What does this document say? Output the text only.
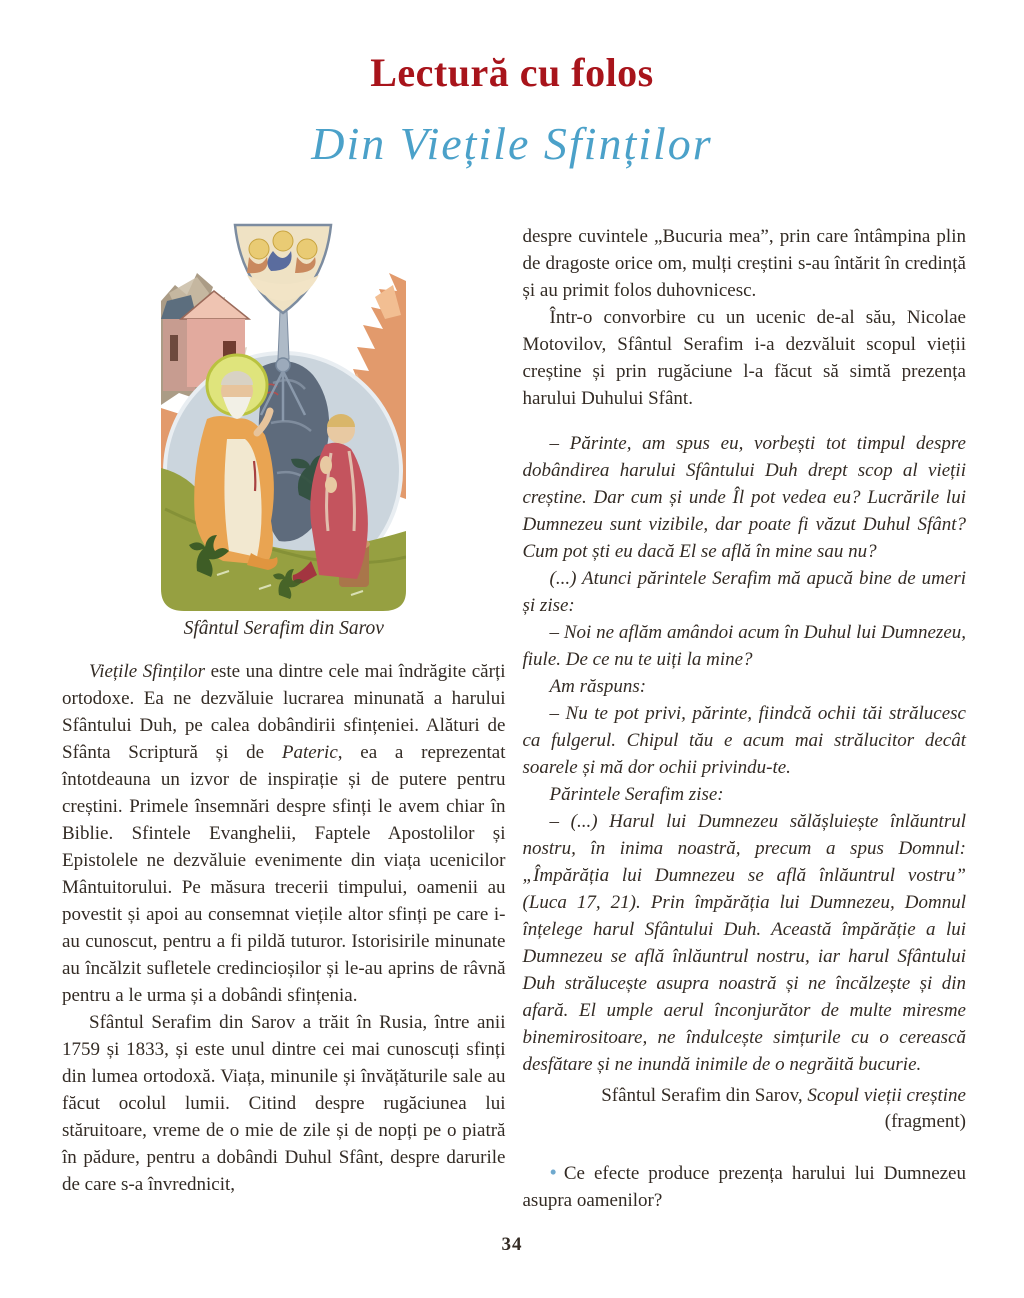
Lectură cu folos
Din Viețile Sfinților
Sfântul Serafim din Sarov

Viețile Sfinților este una dintre cele mai îndrăgite cărți ortodoxe. Ea ne dezvăluie lucrarea minunată a harului Sfântului Duh, pe calea dobândirii sfințeniei. Alături de Sfânta Scriptură și de Pateric, ea a reprezentat întotdeauna un izvor de inspirație și de putere pentru creștini. Primele însemnări despre sfinți le avem chiar în Biblie. Sfintele Evanghelii, Faptele Apostolilor și Epistolele ne dezvăluie evenimente din viața ucenicilor Mântuitorului. Pe măsura trecerii timpului, oamenii au povestit și apoi au consemnat viețile altor sfinți pe care i-au cunoscut, pentru a fi pildă tuturor. Istorisirile minunate au încălzit sufletele credincioșilor și le-au aprins de râvnă pentru a le urma și a dobândi sfințenia.

Sfântul Serafim din Sarov a trăit în Rusia, între anii 1759 și 1833, și este unul dintre cei mai cunoscuți sfinți din lumea ortodoxă. Viața, minunile și învățăturile sale au făcut ocolul lumii. Citind despre rugăciunea lui stăruitoare, vreme de o mie de zile și de nopți pe o piatră în pădure, pentru a dobândi Duhul Sfânt, despre darurile de care s-a învrednicit,

despre cuvintele „Bucuria mea”, prin care întâmpina plin de dragoste orice om, mulți creștini s-au întărit în credință și au primit folos duhovnicesc.

Într-o convorbire cu un ucenic de-al său, Nicolae Motovilov, Sfântul Serafim i-a dezvăluit scopul vieții creștine și prin rugăciune l-a făcut să simtă prezența harului Duhului Sfânt.

– Părinte, am spus eu, vorbești tot timpul despre dobândirea harului Sfântului Duh drept scop al vieții creștine. Dar cum și unde Îl pot vedea eu? Lucrările lui Dumnezeu sunt vizibile, dar poate fi văzut Duhul Sfânt? Cum pot ști eu dacă El se află în mine sau nu?

(...) Atunci părintele Serafim mă apucă bine de umeri și zise:

– Noi ne aflăm amândoi acum în Duhul lui Dumnezeu, fiule. De ce nu te uiți la mine?

Am răspuns:

– Nu te pot privi, părinte, fiindcă ochii tăi strălucesc ca fulgerul. Chipul tău e acum mai strălucitor decât soarele și mă dor ochii privindu-te.

Părintele Serafim zise:

– (...) Harul lui Dumnezeu sălășluiește înlăuntrul nostru, în inima noastră, precum a spus Domnul: „Împărăția lui Dumnezeu se află înlăuntrul vostru” (Luca 17, 21). Prin împărăția lui Dumnezeu, Domnul înțelege harul Sfântului Duh. Această împărăție a lui Dumnezeu se află înlăuntrul nostru, iar harul Sfântului Duh strălucește asupra noastră și ne încălzește și din afară. El umple aerul înconjurător de multe miresme binemirositoare, ne îndulcește simțurile cu o cerească desfătare și ne inundă inimile de o negrăită bucurie.

Sfântul Serafim din Sarov, Scopul vieții creștine
(fragment)

• Ce efecte produce prezența harului lui Dumnezeu asupra oamenilor?

34
